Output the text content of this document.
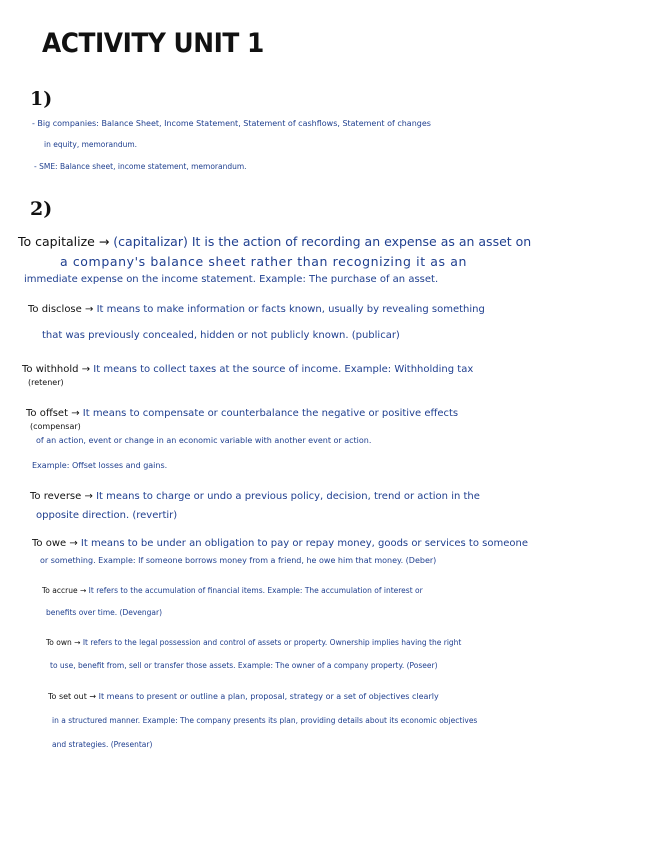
ACTIVITY UNIT 1
1)
- Big companies: Balance Sheet, Income Statement, Statement of cashflows, Statement of changes
in equity, memorandum.
- SME: Balance sheet, income statement, memorandum.
2)
To capitalize → (capitalizar) It is the action of recording an expense as an asset on
a company's balance sheet rather than recognizing it as an
immediate expense on the income statement. Example: The purchase of an asset.
To disclose → It means to make information or facts known, usually by revealing something
that was previously concealed, hidden or not publicly known. (publicar)
To withhold → It means to collect taxes at the source of income. Example: Withholding tax
(retener)
To offset → It means to compensate or counterbalance the negative or positive effects
(compensar)
of an action, event or change in an economic variable with another event or action.
Example: Offset losses and gains.
To reverse → It means to charge or undo a previous policy, decision, trend or action in the
opposite direction. (revertir)
To owe → It means to be under an obligation to pay or repay money, goods or services to someone
or something. Example: If someone borrows money from a friend, he owe him that money. (Deber)
To accrue → It refers to the accumulation of financial items. Example: The accumulation of interest or
benefits over time. (Devengar)
To own → It refers to the legal possession and control of assets or property. Ownership implies having the right
to use, benefit from, sell or transfer those assets. Example: The owner of a company property. (Poseer)
To set out → It means to present or outline a plan, proposal, strategy or a set of objectives clearly
in a structured manner. Example: The company presents its plan, providing details about its economic objectives
and strategies. (Presentar)
